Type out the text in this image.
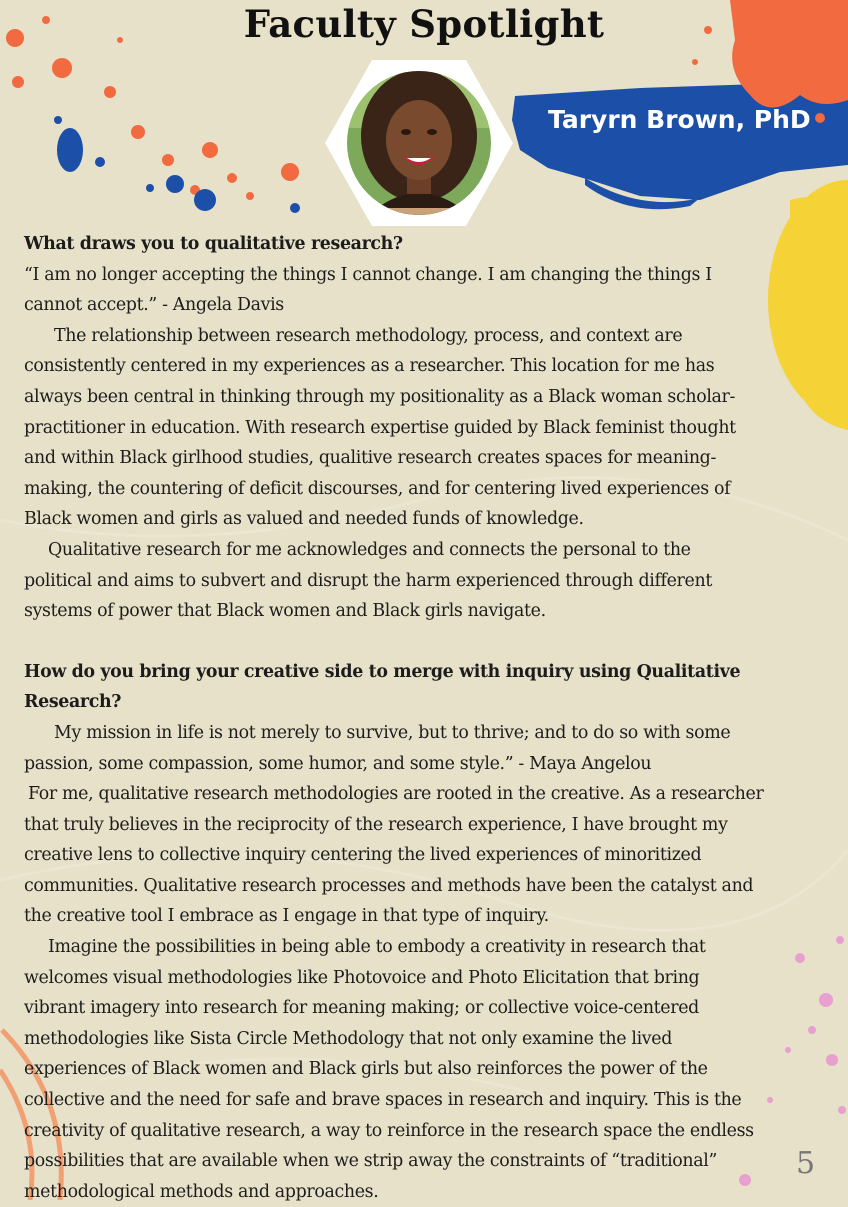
Faculty Spotlight
Taryrn Brown, PhD

What draws you to qualitative research?

“I am no longer accepting the things I cannot change. I am changing the things I

cannot accept.” - Angela Davis

The relationship between research methodology, process, and context are

consistently centered in my experiences as a researcher. This location for me has

always been central in thinking through my positionality as a Black woman scholar-

practitioner in education. With research expertise guided by Black feminist thought

and within Black girlhood studies, qualitive research creates spaces for meaning-

making, the countering of deficit discourses, and for centering lived experiences of

Black women and girls as valued and needed funds of knowledge.

Qualitative research for me acknowledges and connects the personal to the

political and aims to subvert and disrupt the harm experienced through different

systems of power that Black women and Black girls navigate.

How do you bring your creative side to merge with inquiry using Qualitative

Research?

My mission in life is not merely to survive, but to thrive; and to do so with some

passion, some compassion, some humor, and some style.” - Maya Angelou

For me, qualitative research methodologies are rooted in the creative. As a researcher

that truly believes in the reciprocity of the research experience, I have brought my

creative lens to collective inquiry centering the lived experiences of minoritized

communities. Qualitative research processes and methods have been the catalyst and

the creative tool I embrace as I engage in that type of inquiry.

Imagine the possibilities in being able to embody a creativity in research that

welcomes visual methodologies like Photovoice and Photo Elicitation that bring

vibrant imagery into research for meaning making; or collective voice-centered

methodologies like Sista Circle Methodology that not only examine the lived

experiences of Black women and Black girls but also reinforces the power of the

collective and the need for safe and brave spaces in research and inquiry. This is the

creativity of qualitative research, a way to reinforce in the research space the endless

possibilities that are available when we strip away the constraints of “traditional”

methodological methods and approaches.

5
